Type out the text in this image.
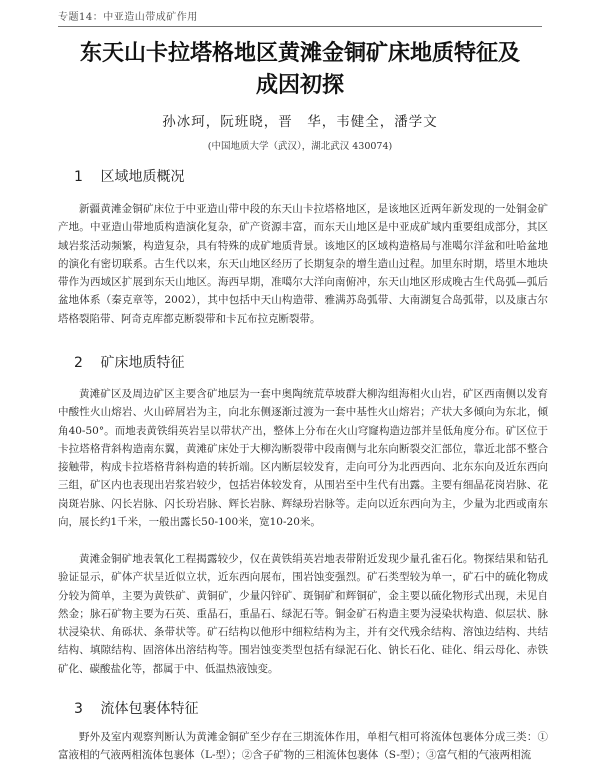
专题14：中亚造山带成矿作用
东天山卡拉塔格地区黄滩金铜矿床地质特征及
成因初探
孙冰珂，阮班晓，晋　华，韦健全，潘学文
(中国地质大学（武汉），湖北武汉 430074)
1 区域地质概况

新疆黄滩金铜矿床位于中亚造山带中段的东天山卡拉塔格地区，是该地区近两年新发现的一处铜金矿产地。中亚造山带地质构造演化复杂，矿产资源丰富，而东天山地区是中亚成矿域内重要组成部分，其区域岩浆活动频繁，构造复杂，具有特殊的成矿地质背景。该地区的区域构造格局与准噶尔洋盆和吐哈盆地的演化有密切联系。古生代以来，东天山地区经历了长期复杂的增生造山过程。加里东时期，塔里木地块带作为西域区扩展到东天山地区。海西早期，准噶尔大洋向南俯冲，东天山地区形成晚古生代岛弧—弧后盆地体系（秦克章等，2002），其中包括中天山构造带、雅满苏岛弧带、大南湖复合岛弧带，以及康古尔塔格裂陷带、阿奇克库都克断裂带和卡瓦布拉克断裂带。

2 矿床地质特征

黄滩矿区及周边矿区主要含矿地层为一套中奥陶统荒草坡群大柳沟组海相火山岩，矿区西南侧以发育中酸性火山熔岩、火山碎屑岩为主，向北东侧逐渐过渡为一套中基性火山熔岩；产状大多倾向为东北，倾角40-50°。而地表黄铁绢英岩呈以带状产出，整体上分布在火山穹窿构造边部并呈低角度分布。矿区位于卡拉塔格背斜构造南东翼，黄滩矿床处于大柳沟断裂带中段南侧与北东向断裂交汇部位，靠近北部不整合接触带，构成卡拉塔格背斜构造的转折端。区内断层较发育，走向可分为北西西向、北东东向及近东西向三组，矿区内也表现出岩浆岩较少，包括岩体较发育，从围岩至中生代有出露。主要有细晶花岗岩脉、花岗斑岩脉、闪长岩脉、闪长玢岩脉、辉长岩脉、辉绿玢岩脉等。走向以近东西向为主，少量为北西或南东向，展长约1千米，一般出露长50-100米，宽10-20米。

黄滩金铜矿地表氧化工程揭露较少，仅在黄铁绢英岩地表带附近发现少量孔雀石化。物探结果和钻孔验证显示，矿体产状呈近似立状，近东西向展布，围岩蚀变强烈。矿石类型较为单一，矿石中的硫化物成分较为简单，主要为黄铁矿、黄铜矿，少量闪锌矿、斑铜矿和辉铜矿，金主要以硫化物形式出现，未见自然金；脉石矿物主要为石英、重晶石，重晶石、绿泥石等。铜金矿石构造主要为浸染状构造、似层状、脉状浸染状、角砾状、条带状等。矿石结构以他形中细粒结构为主，并有交代残余结构、溶蚀边结构、共结结构、填隙结构、固溶体出溶结构等。围岩蚀变类型包括有绿泥石化、钠长石化、硅化、绢云母化、赤铁矿化、碳酸盐化等，都属于中、低温热液蚀变。

3 流体包裹体特征

野外及室内观察判断认为黄滩金铜矿至少存在三期流体作用，单相气相可将流体包裹体分成三类：①富液相的气液两相流体包裹体（L-型）；②含子矿物的三相流体包裹体（S-型）；③富气相的气液两相流
